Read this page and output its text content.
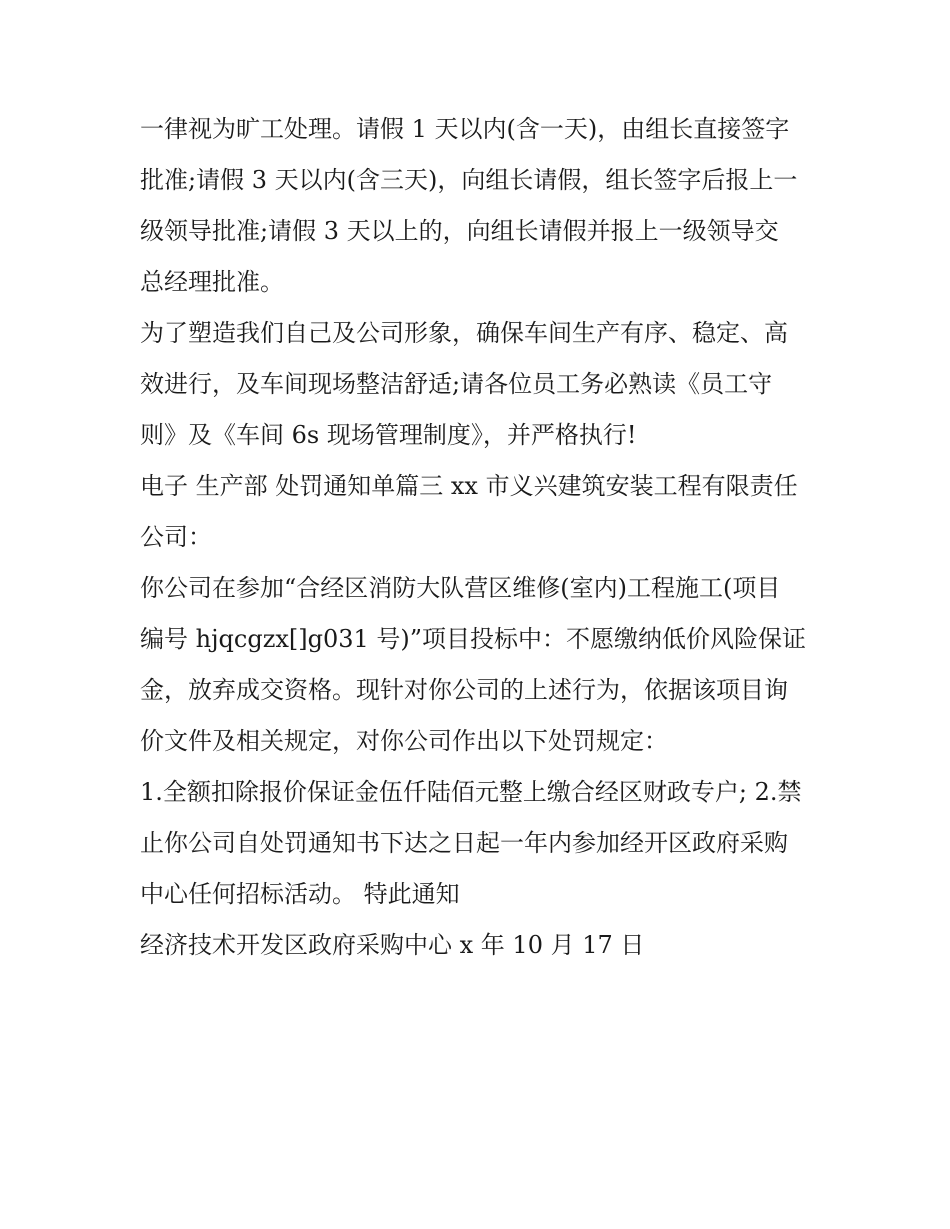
一律视为旷工处理。请假 1 天以内(含一天)，由组长直接签字
批准;请假 3 天以内(含三天)，向组长请假，组长签字后报上一
级领导批准;请假 3 天以上的，向组长请假并报上一级领导交
总经理批准。
为了塑造我们自己及公司形象，确保车间生产有序、稳定、高
效进行，及车间现场整洁舒适;请各位员工务必熟读《员工守
则》及《车间 6s 现场管理制度》，并严格执行!
电子 生产部 处罚通知单篇三 xx 市义兴建筑安装工程有限责任
公司：
你公司在参加“合经区消防大队营区维修(室内)工程施工(项目
编号 hjqcgzx[]g031 号)”项目投标中：不愿缴纳低价风险保证
金，放弃成交资格。现针对你公司的上述行为，依据该项目询
价文件及相关规定，对你公司作出以下处罚规定：
1.全额扣除报价保证金伍仟陆佰元整上缴合经区财政专户; 2.禁
止你公司自处罚通知书下达之日起一年内参加经开区政府采购
中心任何招标活动。 特此通知
经济技术开发区政府采购中心 x 年 10 月 17 日
